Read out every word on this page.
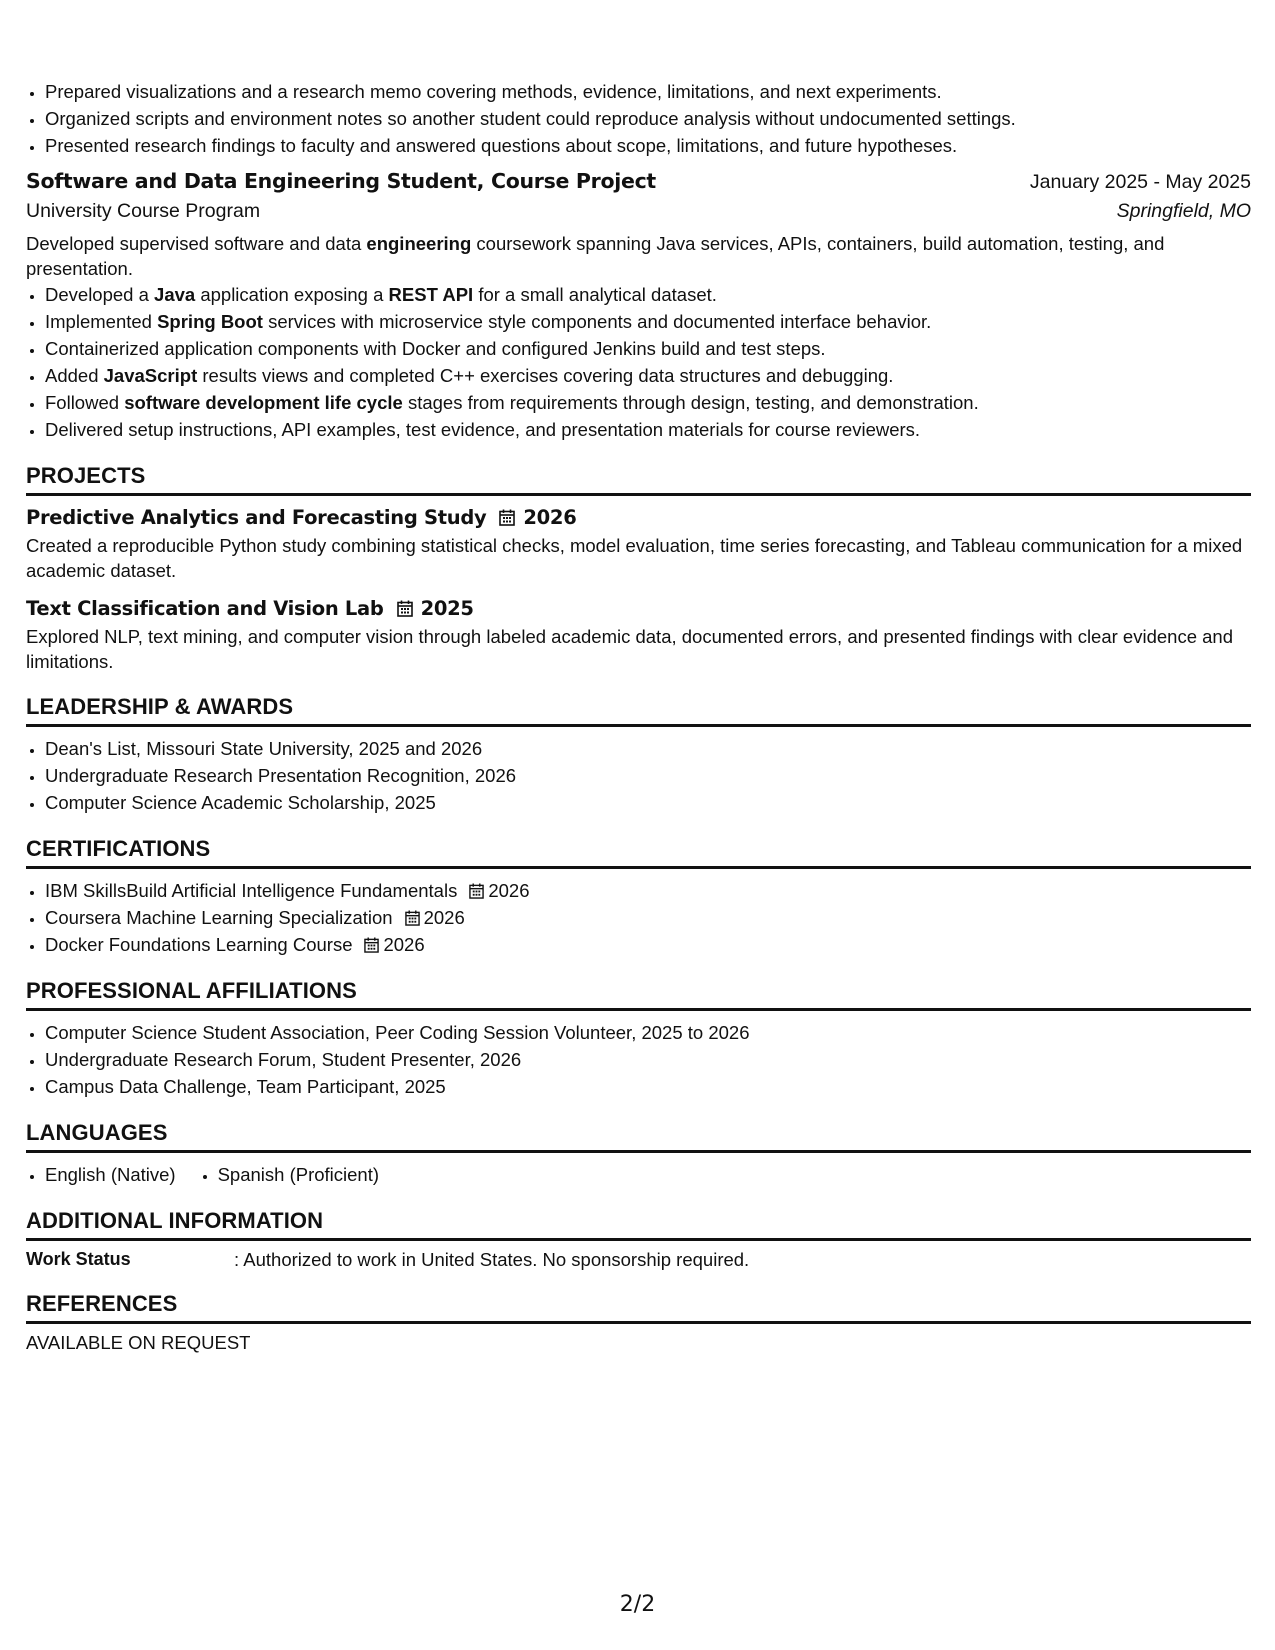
• Prepared visualizations and a research memo covering methods, evidence, limitations, and next experiments.
• Organized scripts and environment notes so another student could reproduce analysis without undocumented settings.
• Presented research findings to faculty and answered questions about scope, limitations, and future hypotheses.
Software and Data Engineering Student, Course Project	January 2025 - May 2025
University Course Program	Springfield, MO
Developed supervised software and data engineering coursework spanning Java services, APIs, containers, build automation, testing, and presentation.
• Developed a Java application exposing a REST API for a small analytical dataset.
• Implemented Spring Boot services with microservice style components and documented interface behavior.
• Containerized application components with Docker and configured Jenkins build and test steps.
• Added JavaScript results views and completed C++ exercises covering data structures and debugging.
• Followed software development life cycle stages from requirements through design, testing, and demonstration.
• Delivered setup instructions, API examples, test evidence, and presentation materials for course reviewers.
PROJECTS
Predictive Analytics and Forecasting Study 2026
Created a reproducible Python study combining statistical checks, model evaluation, time series forecasting, and Tableau communication for a mixed academic dataset.
Text Classification and Vision Lab 2025
Explored NLP, text mining, and computer vision through labeled academic data, documented errors, and presented findings with clear evidence and limitations.
LEADERSHIP & AWARDS
• Dean's List, Missouri State University, 2025 and 2026
• Undergraduate Research Presentation Recognition, 2026
• Computer Science Academic Scholarship, 2025
CERTIFICATIONS
• IBM SkillsBuild Artificial Intelligence Fundamentals 2026
• Coursera Machine Learning Specialization 2026
• Docker Foundations Learning Course 2026
PROFESSIONAL AFFILIATIONS
• Computer Science Student Association, Peer Coding Session Volunteer, 2025 to 2026
• Undergraduate Research Forum, Student Presenter, 2026
• Campus Data Challenge, Team Participant, 2025
LANGUAGES
• English (Native)
• Spanish (Proficient)
ADDITIONAL INFORMATION
Work Status	: Authorized to work in United States. No sponsorship required.
REFERENCES
AVAILABLE ON REQUEST
2/2
